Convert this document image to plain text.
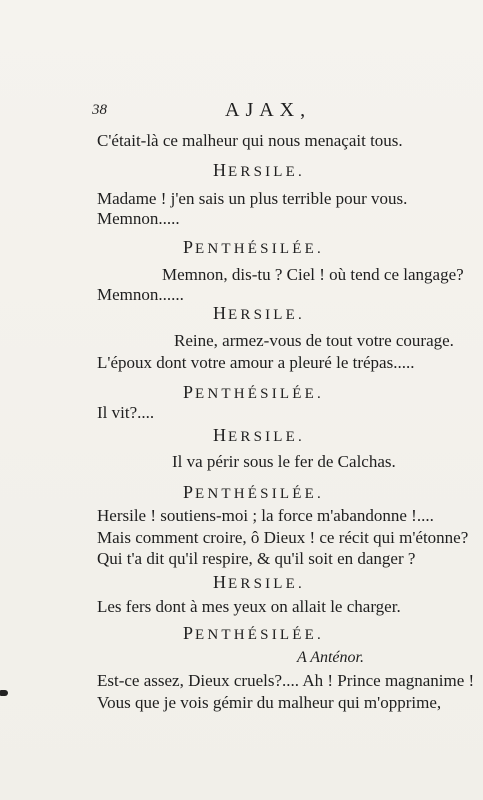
38	AJAX,
C'était-là ce malheur qui nous menaçait tous.
HERSILE.
Madame ! j'en sais un plus terrible pour vous.
Memnon.....
PENTHÉSILÉE.
Memnon, dis-tu ? Ciel ! où tend ce langage?
Memnon......
HERSILE.
Reine, armez-vous de tout votre courage.
L'époux dont votre amour a pleuré le trépas.....
PENTHÉSILÉE.
Il vit?....
HERSILE.
Il va périr sous le fer de Calchas.
PENTHÉSILÉE.
Hersile ! soutiens-moi ; la force m'abandonne !....
Mais comment croire, ô Dieux ! ce récit qui m'étonne?
Qui t'a dit qu'il respire, & qu'il soit en danger ?
HERSILE.
Les fers dont à mes yeux on allait le charger.
PENTHÉSILÉE.
A Anténor.
Est-ce assez, Dieux cruels?.... Ah ! Prince magnanime !
Vous que je vois gémir du malheur qui m'opprime,
